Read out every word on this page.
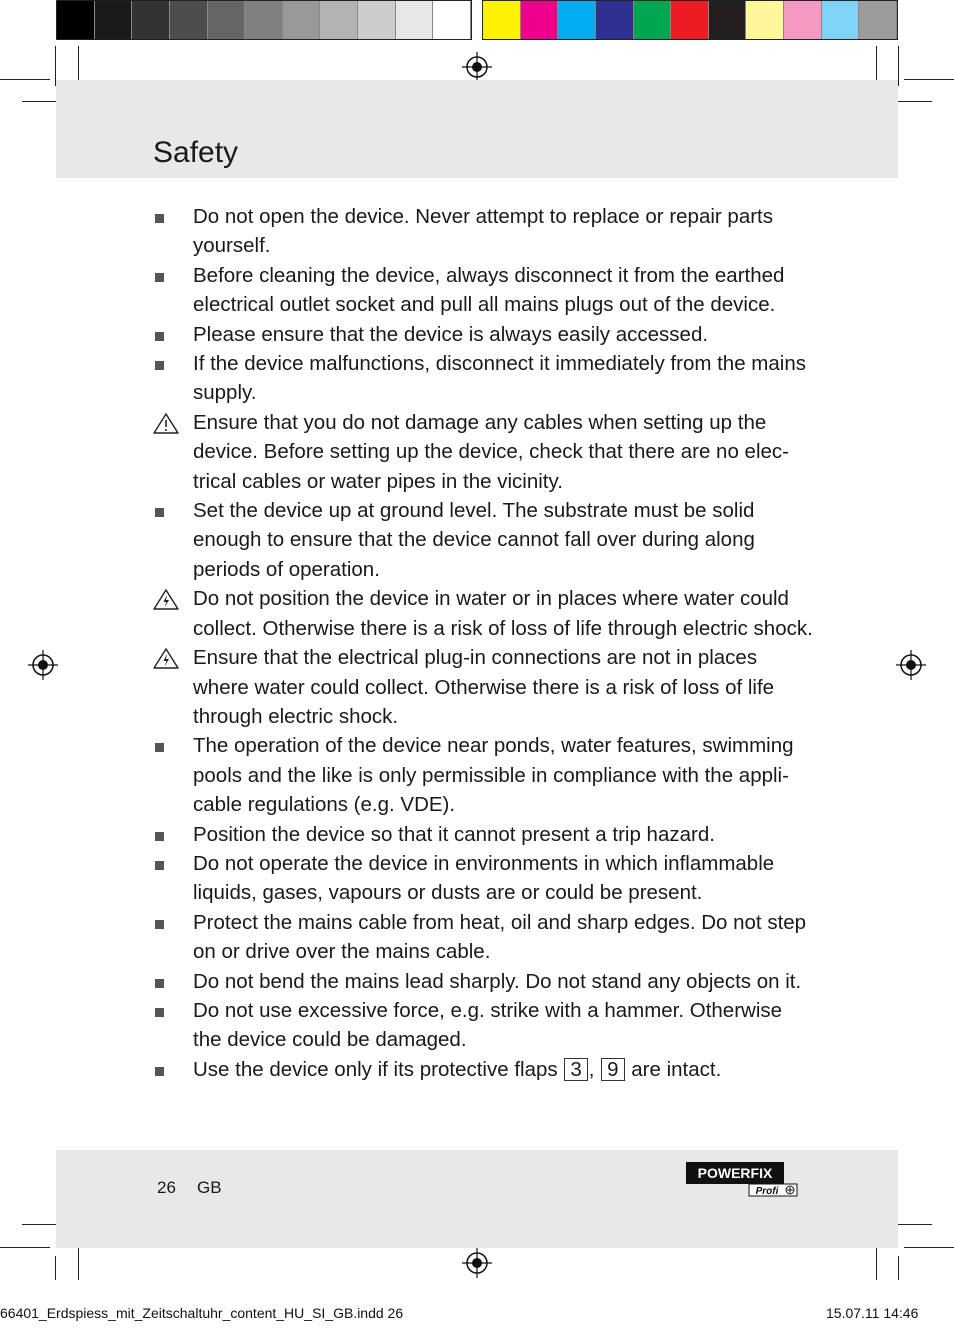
Safety
Do not open the device. Never attempt to replace or repair parts yourself.
Before cleaning the device, always disconnect it from the earthed electrical outlet socket and pull all mains plugs out of the device.
Please ensure that the device is always easily accessed.
If the device malfunctions, disconnect it immediately from the mains supply.
Ensure that you do not damage any cables when setting up the device. Before setting up the device, check that there are no elec-trical cables or water pipes in the vicinity.
Set the device up at ground level. The substrate must be solid enough to ensure that the device cannot fall over during along periods of operation.
Do not position the device in water or in places where water could collect. Otherwise there is a risk of loss of life through electric shock.
Ensure that the electrical plug-in connections are not in places where water could collect. Otherwise there is a risk of loss of life through electric shock.
The operation of the device near ponds, water features, swimming pools and the like is only permissible in compliance with the appli-cable regulations (e.g. VDE).
Position the device so that it cannot present a trip hazard.
Do not operate the device in environments in which inflammable liquids, gases, vapours or dusts are or could be present.
Protect the mains cable from heat, oil and sharp edges. Do not step on or drive over the mains cable.
Do not bend the mains lead sharply. Do not stand any objects on it.
Do not use excessive force, e.g. strike with a hammer. Otherwise the device could be damaged.
Use the device only if its protective flaps 3 , 9 are intact.
26 GB
POWERFIX
Profi
66401_Erdspiess_mit_Zeitschaltuhr_content_HU_SI_GB.indd 26	15.07.11 14:46
